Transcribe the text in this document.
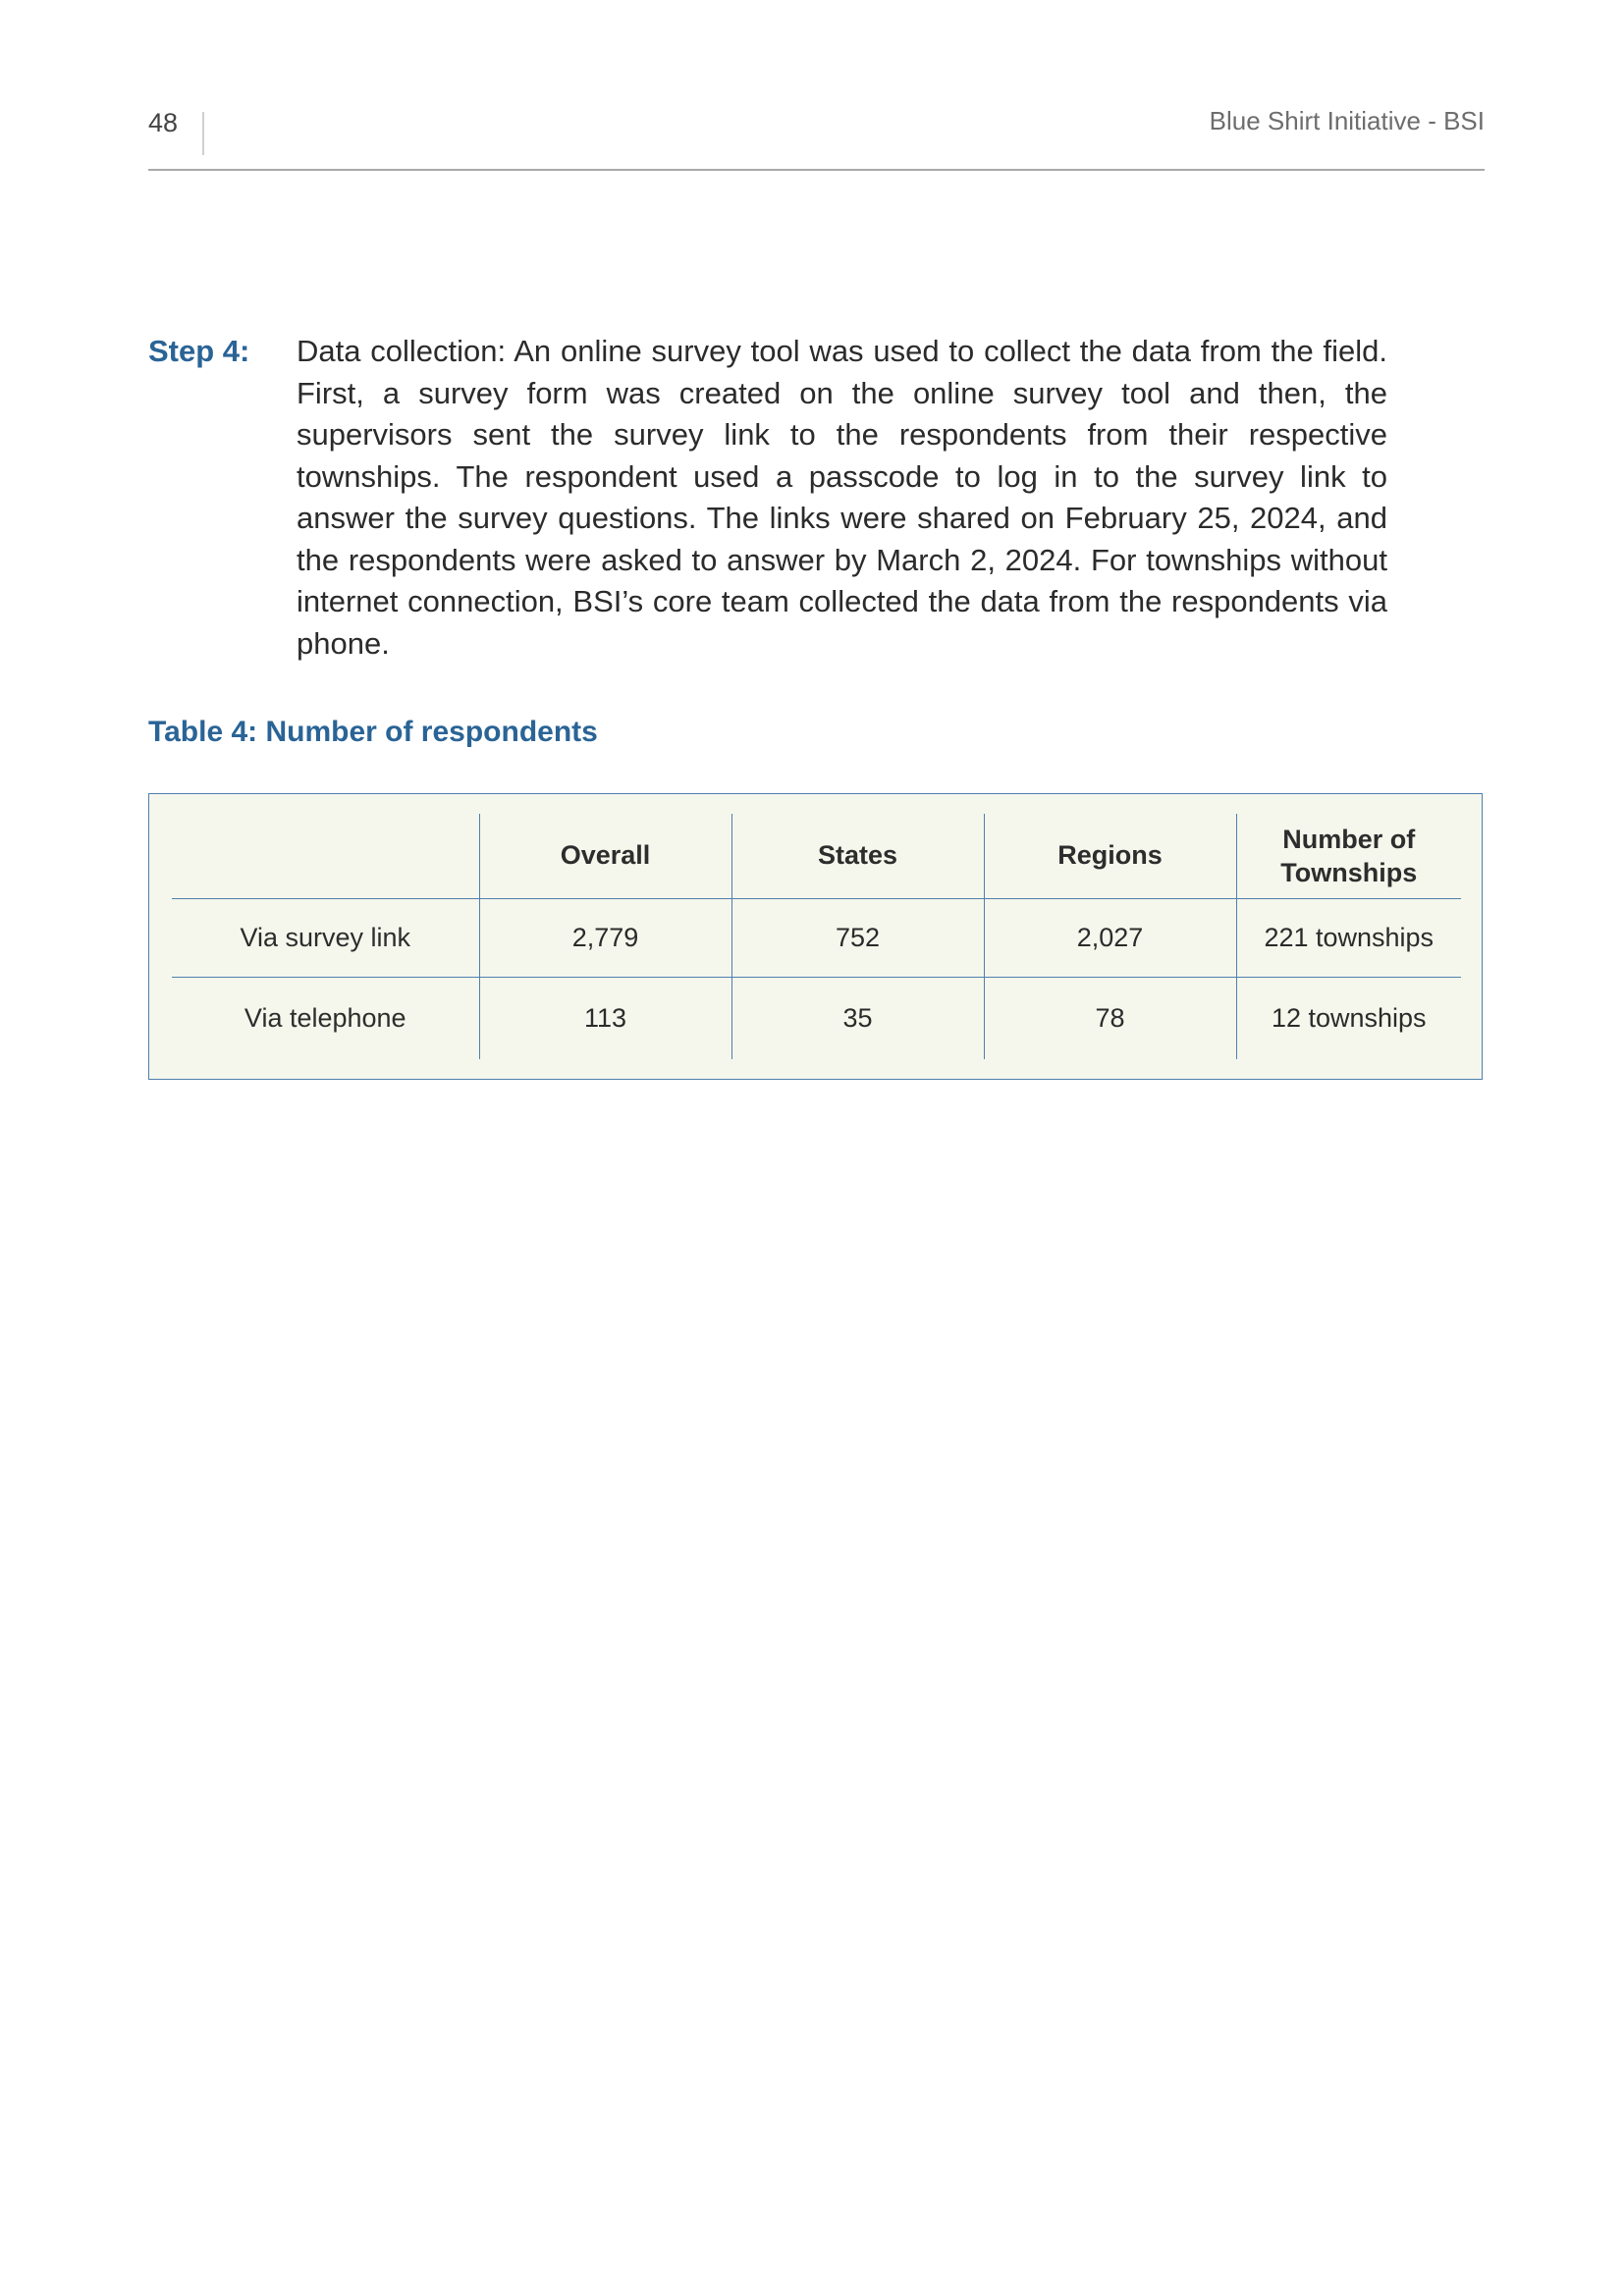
48	Blue Shirt Initiative - BSI
Step 4: Data collection: An online survey tool was used to collect the data from the field. First, a survey form was created on the online survey tool and then, the supervisors sent the survey link to the respondents from their respective townships. The respondent used a passcode to log in to the survey link to answer the survey questions. The links were shared on February 25, 2024, and the respondents were asked to answer by March 2, 2024. For townships without internet connection, BSI’s core team collected the data from the respondents via phone.
Table 4: Number of respondents
	Overall	States	Regions	Number of Townships
Via survey link	2,779	752	2,027	221 townships
Via telephone	113	35	78	12 townships
